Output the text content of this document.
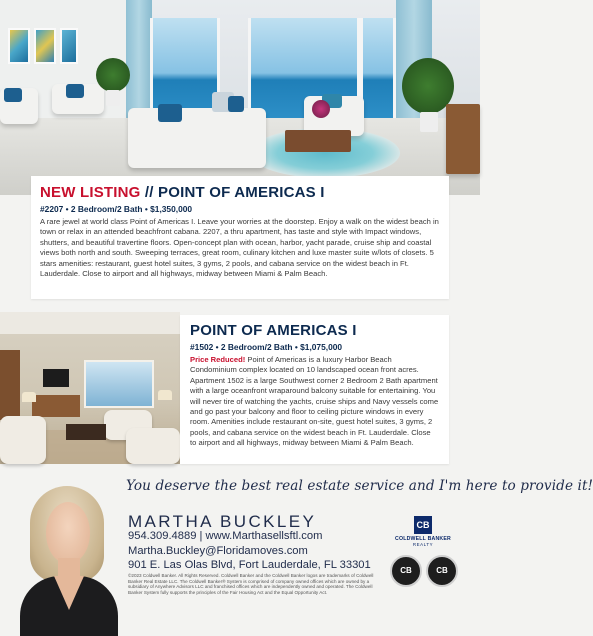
NEW LISTING // POINT OF AMERICAS I
#2207 • 2 Bedroom/2 Bath • $1,350,000
A rare jewel at world class Point of Americas I. Leave your worries at the doorstep. Enjoy a walk on the widest beach in town or relax in an attended beachfront cabana. 2207, a thru apartment, has taste and style with Impact windows, shutters, and beautiful travertine floors. Open-concept plan with ocean, harbor, yacht parade, cruise ship and coastal views both north and south. Sweeping terraces, great room, culinary kitchen and luxe master suite w/lots of closets. 5 stars amenities: restaurant, guest hotel suites, 3 gyms, 2 pools, and cabana service on the widest beach in Ft. Lauderdale. Close to airport and all highways, midway between Miami & Palm Beach.
POINT OF AMERICAS I
#1502 • 2 Bedroom/2 Bath • $1,075,000
Price Reduced! Point of Americas is a luxury Harbor Beach Condominium complex located on 10 landscaped ocean front acres. Apartment 1502 is a large Southwest corner 2 Bedroom 2 Bath apartment with a large oceanfront wraparound balcony suitable for entertaining. You will never tire of watching the yachts, cruise ships and Navy vessels come and go past your balcony and floor to ceiling picture windows in every room. Amenities include restaurant on-site, guest hotel suites, 3 gyms, 2 pools, and cabana service on the widest beach in Ft. Lauderdale. Close to airport and all highways, midway between Miami & Palm Beach.
You deserve the best real estate service and I'm here to provide it!
MARTHA BUCKLEY
954.309.4889 | www.Marthasellsftl.com
Martha.Buckley@Floridamoves.com
901 E. Las Olas Blvd, Fort Lauderdale, FL 33301
©2023 Coldwell Banker. All Rights Reserved. Coldwell Banker and the Coldwell Banker logos are trademarks of Coldwell Banker Real Estate LLC. The Coldwell Banker® System is comprised of company owned offices which are owned by a subsidiary of Anywhere Advisors LLC and franchised offices which are independently owned and operated. The Coldwell Banker System fully supports the principles of the Fair Housing Act and the Equal Opportunity Act.
CB
COLDWELL BANKER
REALTY
CB	CB
